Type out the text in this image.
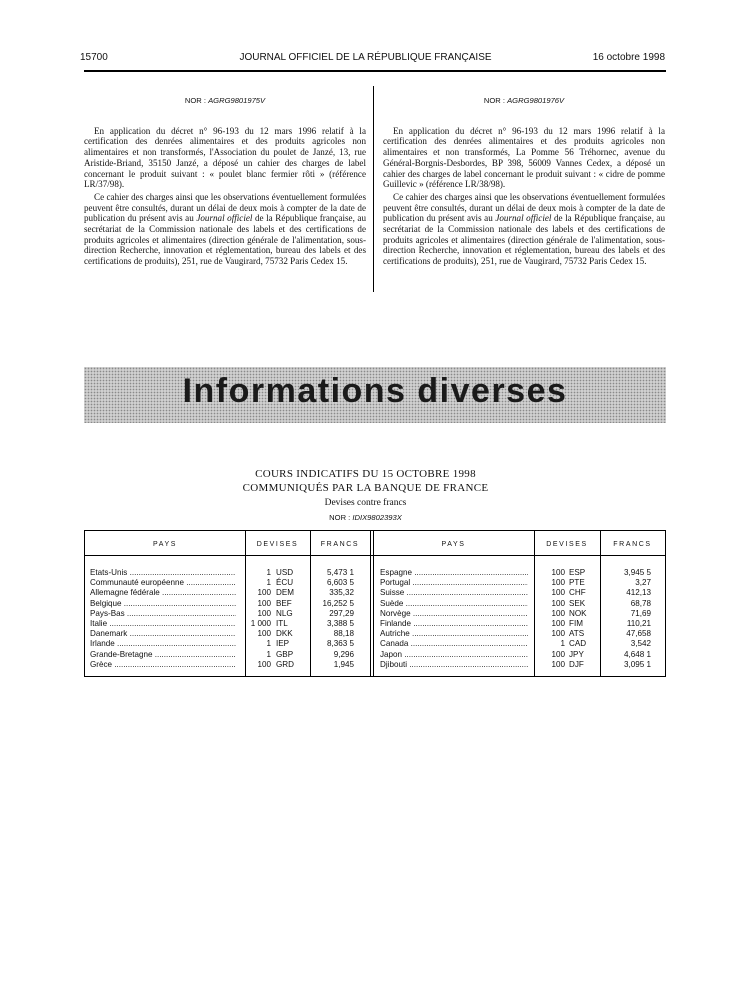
15700	JOURNAL OFFICIEL DE LA RÉPUBLIQUE FRANÇAISE	16 octobre 1998
NOR : AGRG9801975V

En application du décret n° 96-193 du 12 mars 1996 relatif à la certification des denrées alimentaires et des produits agricoles non alimentaires et non transformés, l'Association du poulet de Janzé, 13, rue Aristide-Briand, 35150 Janzé, a déposé un cahier des charges de label concernant le produit suivant : « poulet blanc fermier rôti » (référence LR/37/98).

Ce cahier des charges ainsi que les observations éventuellement formulées peuvent être consultés, durant un délai de deux mois à compter de la date de publication du présent avis au Journal officiel de la République française, au secrétariat de la Commission nationale des labels et des certifications de produits agricoles et alimentaires (direction générale de l'alimentation, sous-direction Recherche, innovation et réglementation, bureau des labels et des certifications de produits), 251, rue de Vaugirard, 75732 Paris Cedex 15.

NOR : AGRG9801976V

En application du décret n° 96-193 du 12 mars 1996 relatif à la certification des denrées alimentaires et des produits agricoles non alimentaires et non transformés, La Pomme 56 Tréhornec, avenue du Général-Borgnis-Desbordes, BP 398, 56009 Vannes Cedex, a déposé un cahier des charges de label concernant le produit suivant : « cidre de pomme Guillevic » (référence LR/38/98).

Ce cahier des charges ainsi que les observations éventuellement formulées peuvent être consultés, durant un délai de deux mois à compter de la date de publication du présent avis au Journal officiel de la République française, au secrétariat de la Commission nationale des labels et des certifications de produits agricoles et alimentaires (direction générale de l'alimentation, sous-direction Recherche, innovation et réglementation, bureau des labels et des certifications de produits), 251, rue de Vaugirard, 75732 Paris Cedex 15.

Informations diverses
COURS INDICATIFS DU 15 OCTOBRE 1998
COMMUNIQUÉS PAR LA BANQUE DE FRANCE
Devises contre francs
NOR : IDIX9802393X
PAYS	DEVISES	FRANCS	PAYS	DEVISES	FRANCS
Etats-Unis .....	1 USD	5,473 1
Communauté européenne .....	1 ÉCU	6,603 5
Allemagne fédérale .....	100 DEM	335,32
Belgique .....	100 BEF	16,252 5
Pays-Bas .....	100 NLG	297,29
Italie .....	1 000 ITL	3,388 5
Danemark .....	100 DKK	88,18
Irlande .....	1 IEP	8,363 5
Grande-Bretagne .....	1 GBP	9,296
Grèce .....	100 GRD	1,945
Espagne .....	100 ESP	3,945 5
Portugal .....	100 PTE	3,27
Suisse .....	100 CHF	412,13
Suède .....	100 SEK	68,78
Norvège .....	100 NOK	71,69
Finlande .....	100 FIM	110,21
Autriche .....	100 ATS	47,658
Canada .....	1 CAD	3,542
Japon .....	100 JPY	4,648 1
Djibouti .....	100 DJF	3,095 1
